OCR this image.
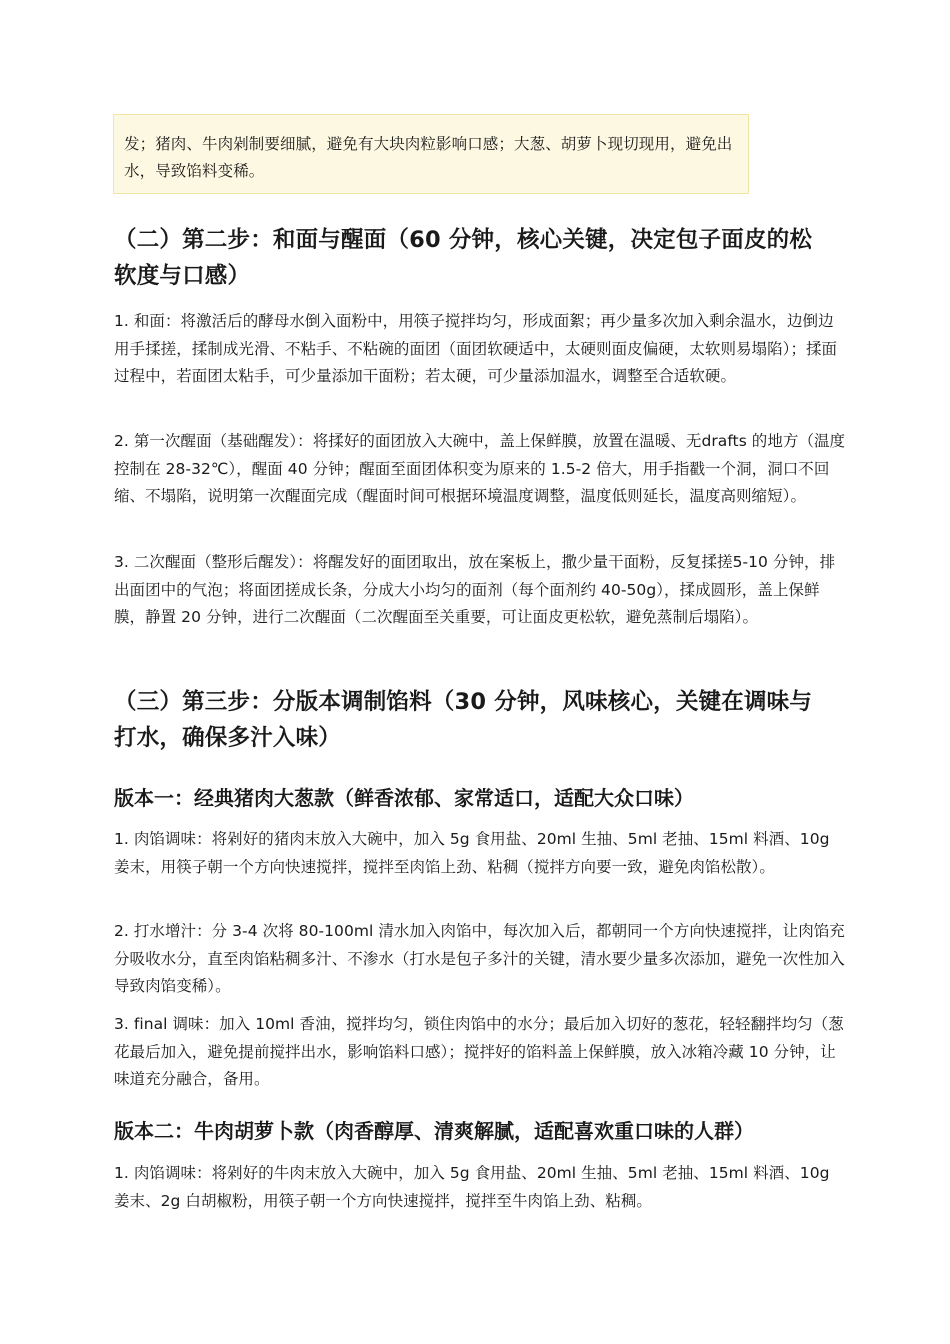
发；猪肉、牛肉剁制要细腻，避免有大块肉粒影响口感；大葱、胡萝卜现切现用，避免出水，导致馅料变稀。

（二）第二步：和面与醒面（60 分钟，核心关键，决定包子面皮的松软度与口感）

1. 和面：将激活后的酵母水倒入面粉中，用筷子搅拌均匀，形成面絮；再少量多次加入剩余温水，边倒边用手揉搓，揉制成光滑、不粘手、不粘碗的面团（面团软硬适中，太硬则面皮偏硬，太软则易塌陷）；揉面过程中，若面团太粘手，可少量添加干面粉；若太硬，可少量添加温水，调整至合适软硬。

2. 第一次醒面（基础醒发）：将揉好的面团放入大碗中，盖上保鲜膜，放置在温暖、无drafts 的地方（温度控制在 28-32℃），醒面 40 分钟；醒面至面团体积变为原来的 1.5-2 倍大，用手指戳一个洞，洞口不回缩、不塌陷，说明第一次醒面完成（醒面时间可根据环境温度调整，温度低则延长，温度高则缩短）。

3. 二次醒面（整形后醒发）：将醒发好的面团取出，放在案板上，撒少量干面粉，反复揉搓5-10 分钟，排出面团中的气泡；将面团搓成长条，分成大小均匀的面剂（每个面剂约 40-50g），揉成圆形，盖上保鲜膜，静置 20 分钟，进行二次醒面（二次醒面至关重要，可让面皮更松软，避免蒸制后塌陷）。

（三）第三步：分版本调制馅料（30 分钟，风味核心，关键在调味与打水，确保多汁入味）
版本一：经典猪肉大葱款（鲜香浓郁、家常适口，适配大众口味）

1. 肉馅调味：将剁好的猪肉末放入大碗中，加入 5g 食用盐、20ml 生抽、5ml 老抽、15ml 料酒、10g 姜末，用筷子朝一个方向快速搅拌，搅拌至肉馅上劲、粘稠（搅拌方向要一致，避免肉馅松散）。

2. 打水增汁：分 3-4 次将 80-100ml 清水加入肉馅中，每次加入后，都朝同一个方向快速搅拌，让肉馅充分吸收水分，直至肉馅粘稠多汁、不渗水（打水是包子多汁的关键，清水要少量多次添加，避免一次性加入导致肉馅变稀）。

3. final 调味：加入 10ml 香油，搅拌均匀，锁住肉馅中的水分；最后加入切好的葱花，轻轻翻拌均匀（葱花最后加入，避免提前搅拌出水，影响馅料口感）；搅拌好的馅料盖上保鲜膜，放入冰箱冷藏 10 分钟，让味道充分融合，备用。

版本二：牛肉胡萝卜款（肉香醇厚、清爽解腻，适配喜欢重口味的人群）

1. 肉馅调味：将剁好的牛肉末放入大碗中，加入 5g 食用盐、20ml 生抽、5ml 老抽、15ml 料酒、10g 姜末、2g 白胡椒粉，用筷子朝一个方向快速搅拌，搅拌至牛肉馅上劲、粘稠。
